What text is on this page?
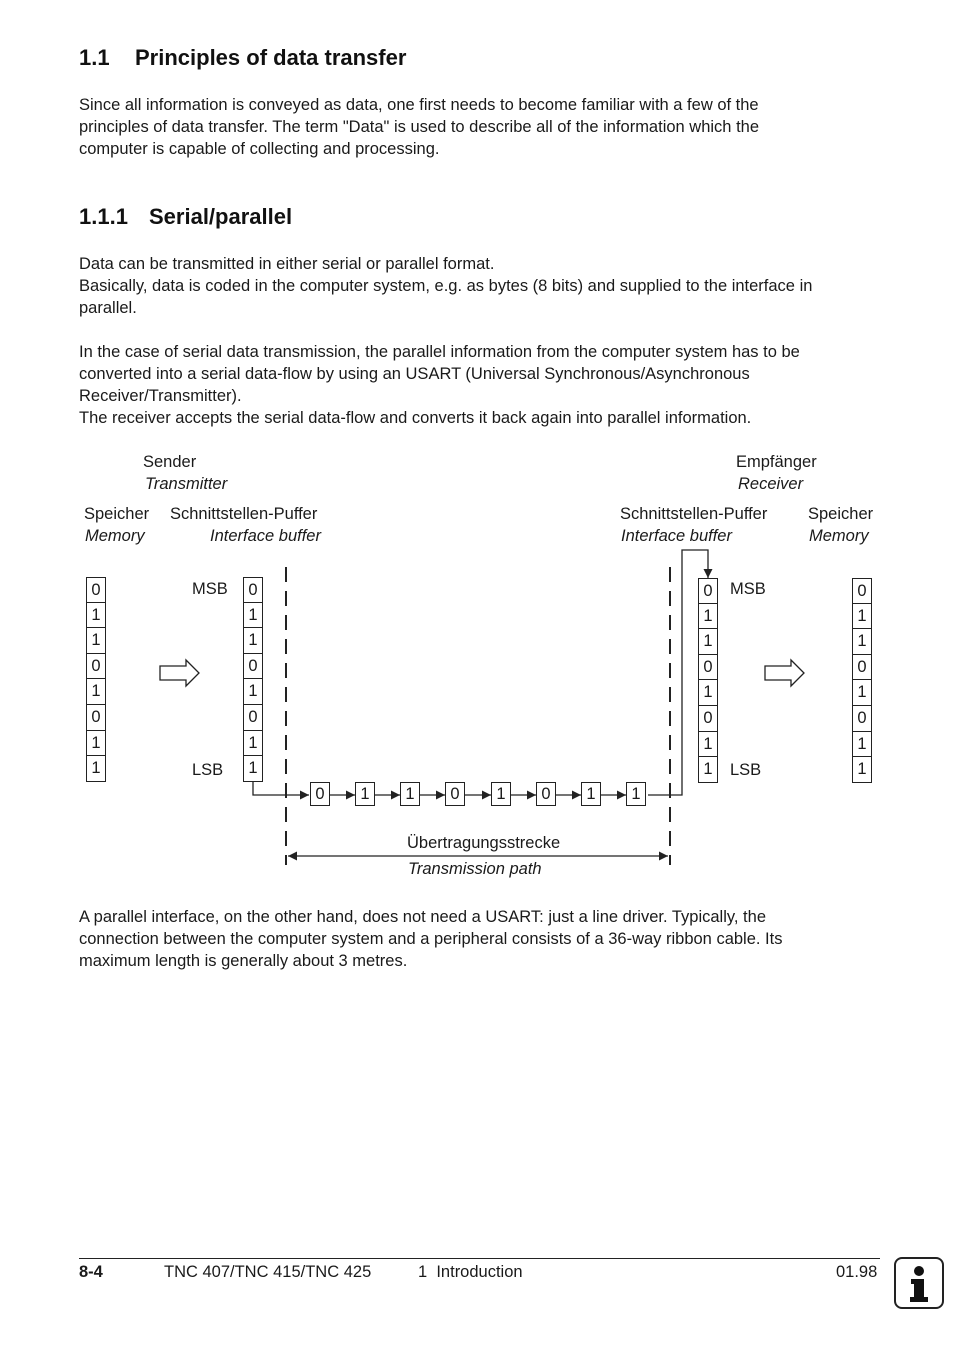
1.1 Principles of data transfer

Since all information is conveyed as data, one first needs to become familiar with a few of the
principles of data transfer. The term "Data" is used to describe all of the information which the
computer is capable of collecting and processing.

1.1.1 Serial/parallel

Data can be transmitted in either serial or parallel format.
Basically, data is coded in the computer system, e.g. as bytes (8 bits) and supplied to the interface in
parallel.

In the case of serial data transmission, the parallel information from the computer system has to be
converted into a serial data-flow by using an USART (Universal Synchronous/Asynchronous
Receiver/Transmitter).
The receiver accepts the serial data-flow and converts it back again into parallel information.

Sender
Transmitter
Empfänger
Receiver
Speicher
Memory
Schnittstellen-Puffer
Interface buffer
Schnittstellen-Puffer
Interface buffer
Speicher
Memory
MSB
LSB
MSB
LSB
0
1
1
0
1
0
1
1
0
1
1
0
1
0
1
1
0
1
1
0
1
0
1
1
0
1
1
0
1
0
1
1
0	1	1	0	1	0	1	1
Übertragungsstrecke
Transmission path

A parallel interface, on the other hand, does not need a USART: just a line driver. Typically, the
connection between the computer system and a peripheral consists of a 36-way ribbon cable. Its
maximum length is generally about 3 metres.

8-4	TNC 407/TNC 415/TNC 425	1  Introduction	01.98
